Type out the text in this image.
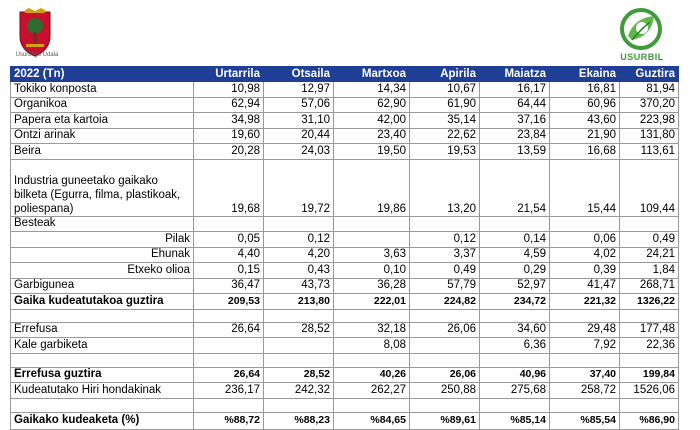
Usurbilgo Udala	USURBIL
2022 (Tn)	Urtarrila	Otsaila	Martxoa	Apirila	Maiatza	Ekaina	Guztira
Tokiko konposta	10,98	12,97	14,34	10,67	16,17	16,81	81,94
Organikoa	62,94	57,06	62,90	61,90	64,44	60,96	370,20
Papera eta kartoia	34,98	31,10	42,00	35,14	37,16	43,60	223,98
Ontzi arinak	19,60	20,44	23,40	22,62	23,84	21,90	131,80
Beira	20,28	24,03	19,50	19,53	13,59	16,68	113,61
Industria guneetako gaikako bilketa (Egurra, filma, plastikoak, poliespana)	19,68	19,72	19,86	13,20	21,54	15,44	109,44
Besteak							
Pilak	0,05	0,12		0,12	0,14	0,06	0,49
Ehunak	4,40	4,20	3,63	3,37	4,59	4,02	24,21
Etxeko olioa	0,15	0,43	0,10	0,49	0,29	0,39	1,84
Garbigunea	36,47	43,73	36,28	57,79	52,97	41,47	268,71
Gaika kudeatutakoa guztira	209,53	213,80	222,01	224,82	234,72	221,32	1326,22

Errefusa	26,64	28,52	32,18	26,06	34,60	29,48	177,48
Kale garbiketa			8,08		6,36	7,92	22,36

Errefusa guztira	26,64	28,52	40,26	26,06	40,96	37,40	199,84
Kudeatutako Hiri hondakinak	236,17	242,32	262,27	250,88	275,68	258,72	1526,06

Gaikako kudeaketa (%)	%88,72	%88,23	%84,65	%89,61	%85,14	%85,54	%86,90
